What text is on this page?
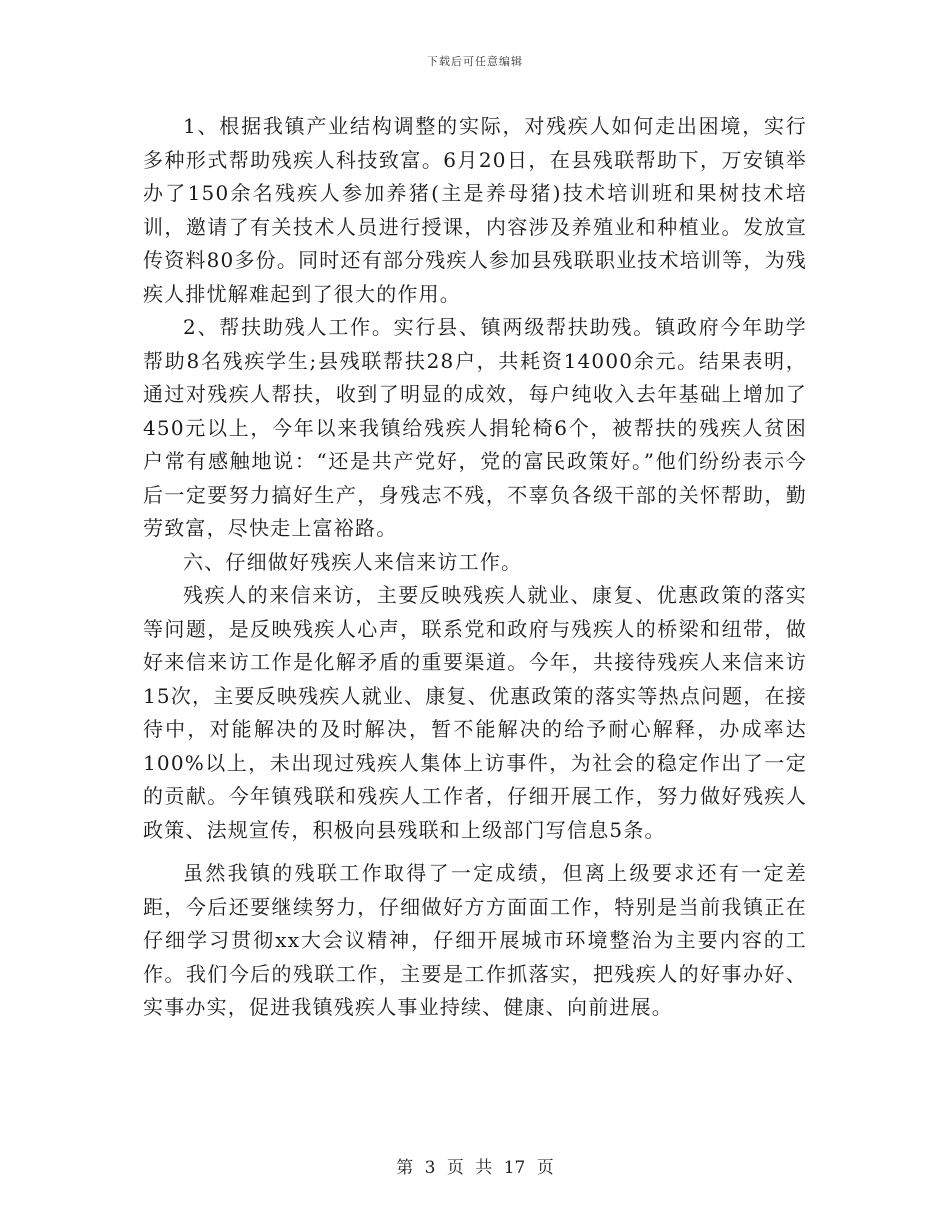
下载后可任意编辑

1、根据我镇产业结构调整的实际，对残疾人如何走出困境，实行多种形式帮助残疾人科技致富。6月20日，在县残联帮助下，万安镇举办了150余名残疾人参加养猪(主是养母猪)技术培训班和果树技术培训，邀请了有关技术人员进行授课，内容涉及养殖业和种植业。发放宣传资料80多份。同时还有部分残疾人参加县残联职业技术培训等，为残疾人排忧解难起到了很大的作用。

2、帮扶助残人工作。实行县、镇两级帮扶助残。镇政府今年助学帮助8名残疾学生;县残联帮扶28户，共耗资14000余元。结果表明，通过对残疾人帮扶，收到了明显的成效，每户纯收入去年基础上增加了450元以上，今年以来我镇给残疾人捐轮椅6个，被帮扶的残疾人贫困户常有感触地说：“还是共产党好，党的富民政策好。”他们纷纷表示今后一定要努力搞好生产，身残志不残，不辜负各级干部的关怀帮助，勤劳致富，尽快走上富裕路。

六、仔细做好残疾人来信来访工作。

残疾人的来信来访，主要反映残疾人就业、康复、优惠政策的落实等问题，是反映残疾人心声，联系党和政府与残疾人的桥梁和纽带，做好来信来访工作是化解矛盾的重要渠道。今年，共接待残疾人来信来访15次，主要反映残疾人就业、康复、优惠政策的落实等热点问题，在接待中，对能解决的及时解决，暂不能解决的给予耐心解释，办成率达100%以上，未出现过残疾人集体上访事件，为社会的稳定作出了一定的贡献。今年镇残联和残疾人工作者，仔细开展工作，努力做好残疾人政策、法规宣传，积极向县残联和上级部门写信息5条。

虽然我镇的残联工作取得了一定成绩，但离上级要求还有一定差距，今后还要继续努力，仔细做好方方面面工作，特别是当前我镇正在仔细学习贯彻xx大会议精神，仔细开展城市环境整治为主要内容的工作。我们今后的残联工作，主要是工作抓落实，把残疾人的好事办好、实事办实，促进我镇残疾人事业持续、健康、向前进展。

第 3 页 共 17 页
